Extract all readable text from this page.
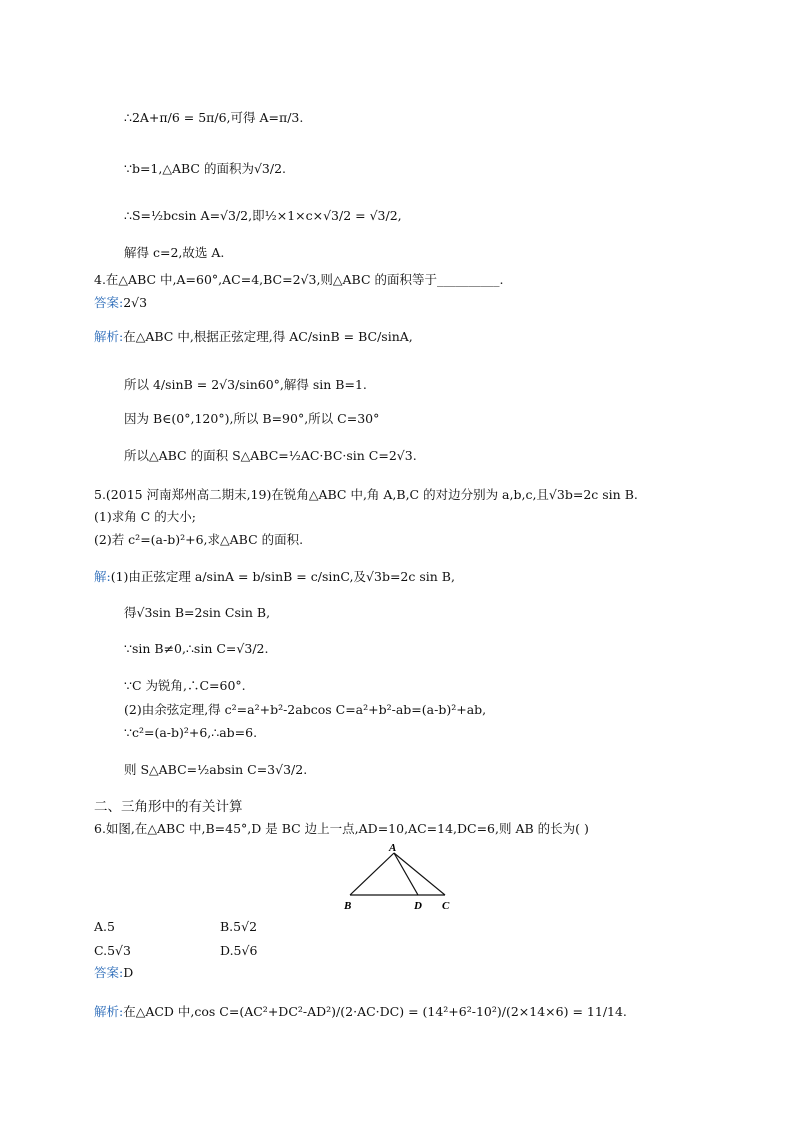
∴2A+π/6 = 5π/6,可得 A=π/3.
∵b=1,△ABC 的面积为√3/2.
∴S=½bcsin A=√3/2,即½×1×c×√3/2 = √3/2,
解得 c=2,故选 A.
4.在△ABC 中,A=60°,AC=4,BC=2√3,则△ABC 的面积等于__________.
答案:2√3
解析:在△ABC 中,根据正弦定理,得 AC/sinB = BC/sinA,
所以 4/sinB = 2√3/sin60°,解得 sin B=1.
因为 B∈(0°,120°),所以 B=90°,所以 C=30°
所以△ABC 的面积 S△ABC=½AC·BC·sin C=2√3.
5.(2015 河南郑州高二期末,19)在锐角△ABC 中,角 A,B,C 的对边分别为 a,b,c,且√3b=2c sin B.
(1)求角 C 的大小;
(2)若 c²=(a-b)²+6,求△ABC 的面积.
解:(1)由正弦定理 a/sinA = b/sinB = c/sinC,及√3b=2c sin B,
得√3sin B=2sin Csin B,
∵sin B≠0,∴sin C=√3/2.
∵C 为锐角,∴C=60°.
(2)由余弦定理,得 c²=a²+b²-2abcos C=a²+b²-ab=(a-b)²+ab,
∵c²=(a-b)²+6,∴ab=6.
则 S△ABC=½absin C=3√3/2.
二、三角形中的有关计算
6.如图,在△ABC 中,B=45°,D 是 BC 边上一点,AD=10,AC=14,DC=6,则 AB 的长为( )
A.5	B.5√2
C.5√3	D.5√6
答案:D
解析:在△ACD 中,cos C=(AC²+DC²-AD²)/(2·AC·DC) = (14²+6²-10²)/(2×14×6) = 11/14.
A
B	D C
